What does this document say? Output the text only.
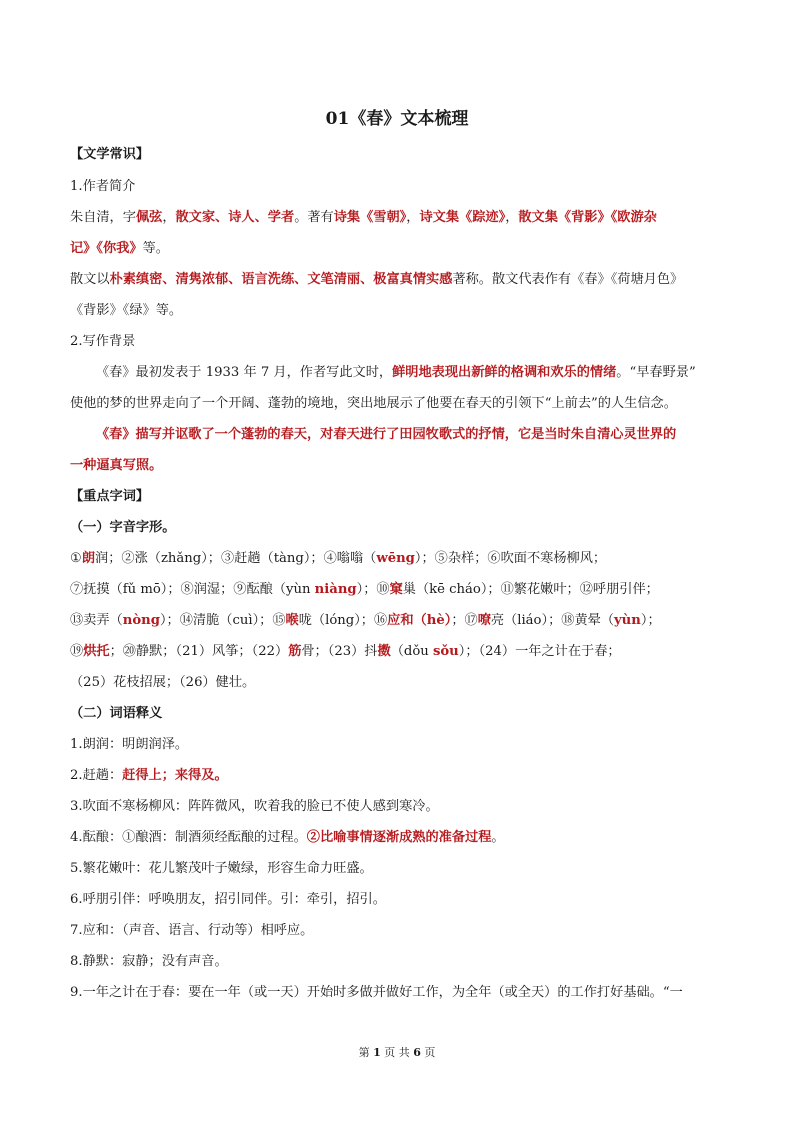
01《春》文本梳理
【文学常识】
1.作者简介
朱自清，字佩弦，散文家、诗人、学者。著有诗集《雪朝》，诗文集《踪迹》，散文集《背影》《欧游杂
记》《你我》等。
散文以朴素缜密、清隽浓郁、语言洗练、文笔清丽、极富真情实感著称。散文代表作有《春》《荷塘月色》
《背影》《绿》等。
2.写作背景
《春》最初发表于 1933 年 7 月，作者写此文时，鲜明地表现出新鲜的格调和欢乐的情绪。“早春野景”
使他的梦的世界走向了一个开阔、蓬勃的境地，突出地展示了他要在春天的引领下“上前去”的人生信念。
《春》描写并讴歌了一个蓬勃的春天，对春天进行了田园牧歌式的抒情，它是当时朱自清心灵世界的
一种逼真写照。
【重点字词】
（一）字音字形。
①朗润；②涨（zhǎng）；③赶趟（tàng）；④嗡嗡（wēng）；⑤杂样；⑥吹面不寒杨柳风；
⑦抚摸（fǔ mō）；⑧润湿；⑨酝酿（yùn niàng）；⑩窠巢（kē cháo）；⑪繁花嫩叶；⑫呼朋引伴；
⑬卖弄（nòng）；⑭清脆（cuì）；⑮喉咙（lóng）；⑯应和（hè）；⑰嘹亮（liáo）；⑱黄晕（yùn）；
⑲烘托；⑳静默；（21）风筝；（22）筋骨；（23）抖擞（dǒu sǒu）；（24）一年之计在于春；
（25）花枝招展；（26）健壮。
（二）词语释义
1.朗润：明朗润泽。
2.赶趟：赶得上；来得及。
3.吹面不寒杨柳风：阵阵微风，吹着我的脸已不使人感到寒冷。
4.酝酿：①酿酒：制酒须经酝酿的过程。②比喻事情逐渐成熟的准备过程。
5.繁花嫩叶：花儿繁茂叶子嫩绿，形容生命力旺盛。
6.呼朋引伴：呼唤朋友，招引同伴。引：牵引，招引。
7.应和：（声音、语言、行动等）相呼应。
8.静默：寂静；没有声音。
9.一年之计在于春：要在一年（或一天）开始时多做并做好工作，为全年（或全天）的工作打好基础。“一
第 1 页 共 6 页
